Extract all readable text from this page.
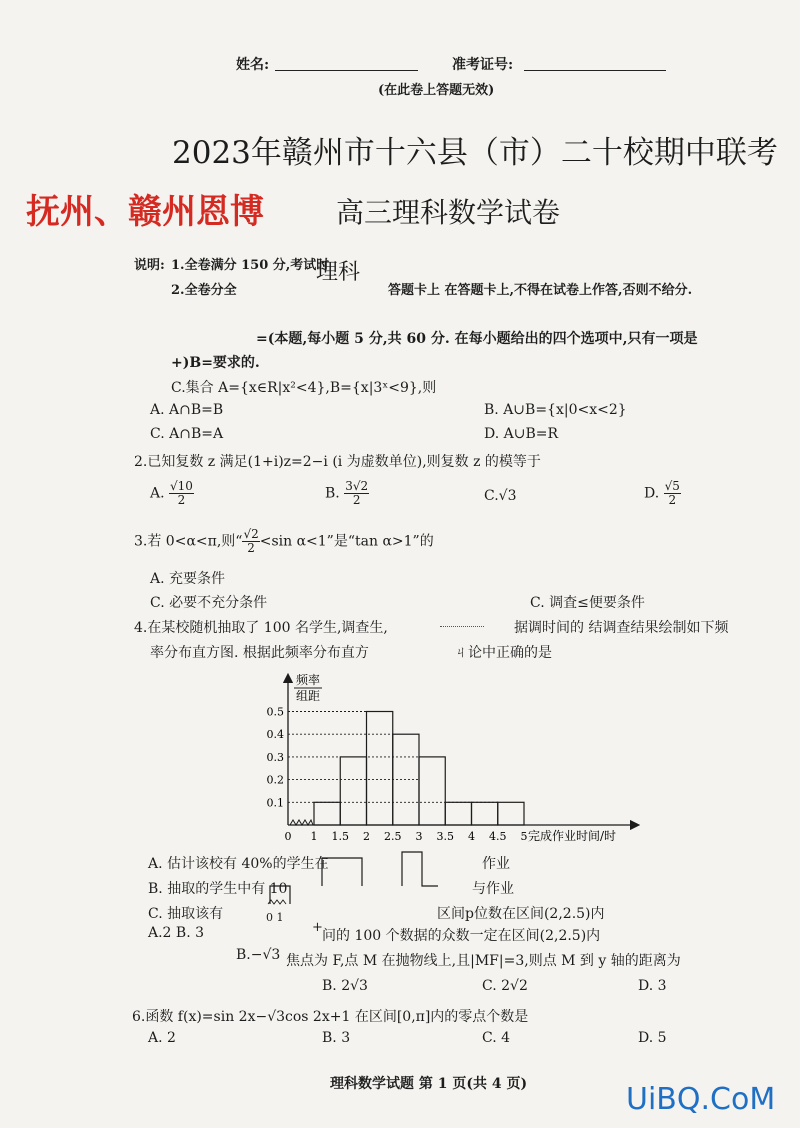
姓名:	准考证号:
(在此卷上答题无效)
2023年赣州市十六县（市）二十校期中联考
抚州、赣州恩博	高三理科数学试卷
说明: 1.全卷满分 150 分,考试时
2.全卷分全
理科
答题卡上 在答题卡上,不得在试卷上作答,否则不给分.
=(本题,每小题 5 分,共 60 分. 在每小题给出的四个选项中,只有一项是
+)B=要求的.
C.集合 A={x∈R|x²<4},B={x|3ˣ<9},则
A. A∩B=B	B. A∪B={x|0<x<2}
C. A∩B=A	D. A∪B=R
2.已知复数 z 满足(1+i)z=2−i (i 为虚数单位),则复数 z 的模等于
A. $\frac{√10}{2}$	B. $\frac{3√2}{2}$	C.√3	D. $\frac{√5}{2}$
3.若 0<α<π,则“ $\frac{√2}{2} <\sin$ α<1”是“tan α>1”的
A. 充要条件
C. 必要不充分条件	C. 调査≤便要条件
4.在某校随机抽取了 100 名学生,调查生,	据调时间的 结调查结果绘制如下频
率分布直方图. 根据此频率分布直方	ㄐ论中正确的是
频率
组距
完成作业时间/时
0.1
0.2
0.3
0.4
0.5
0 1 1.5 2 2.5 3 3.5 4 4.5 5
A. 估计该校有 40%的学生在	作业
B. 抽取的学生中有 10	与作业
C. 抽取该有	区间p位数在区间(2,2.5)内
A.2 B. 3	问的 100 个数据的众数一定在区间(2,2.5)内
0 1
+
B.−√3 焦点为 F,点 M 在抛物线上,且|MF|=3,则点 M 到 y 轴的距离为
B. 2√3	C. 2√2	D. 3
6.函数 f(x)=sin 2x−√3cos 2x+1 在区间[0,π]内的零点个数是
A. 2	B. 3	C. 4	D. 5
理科数学试题 第 1 页(共 4 页)	UiBQ.CoM
